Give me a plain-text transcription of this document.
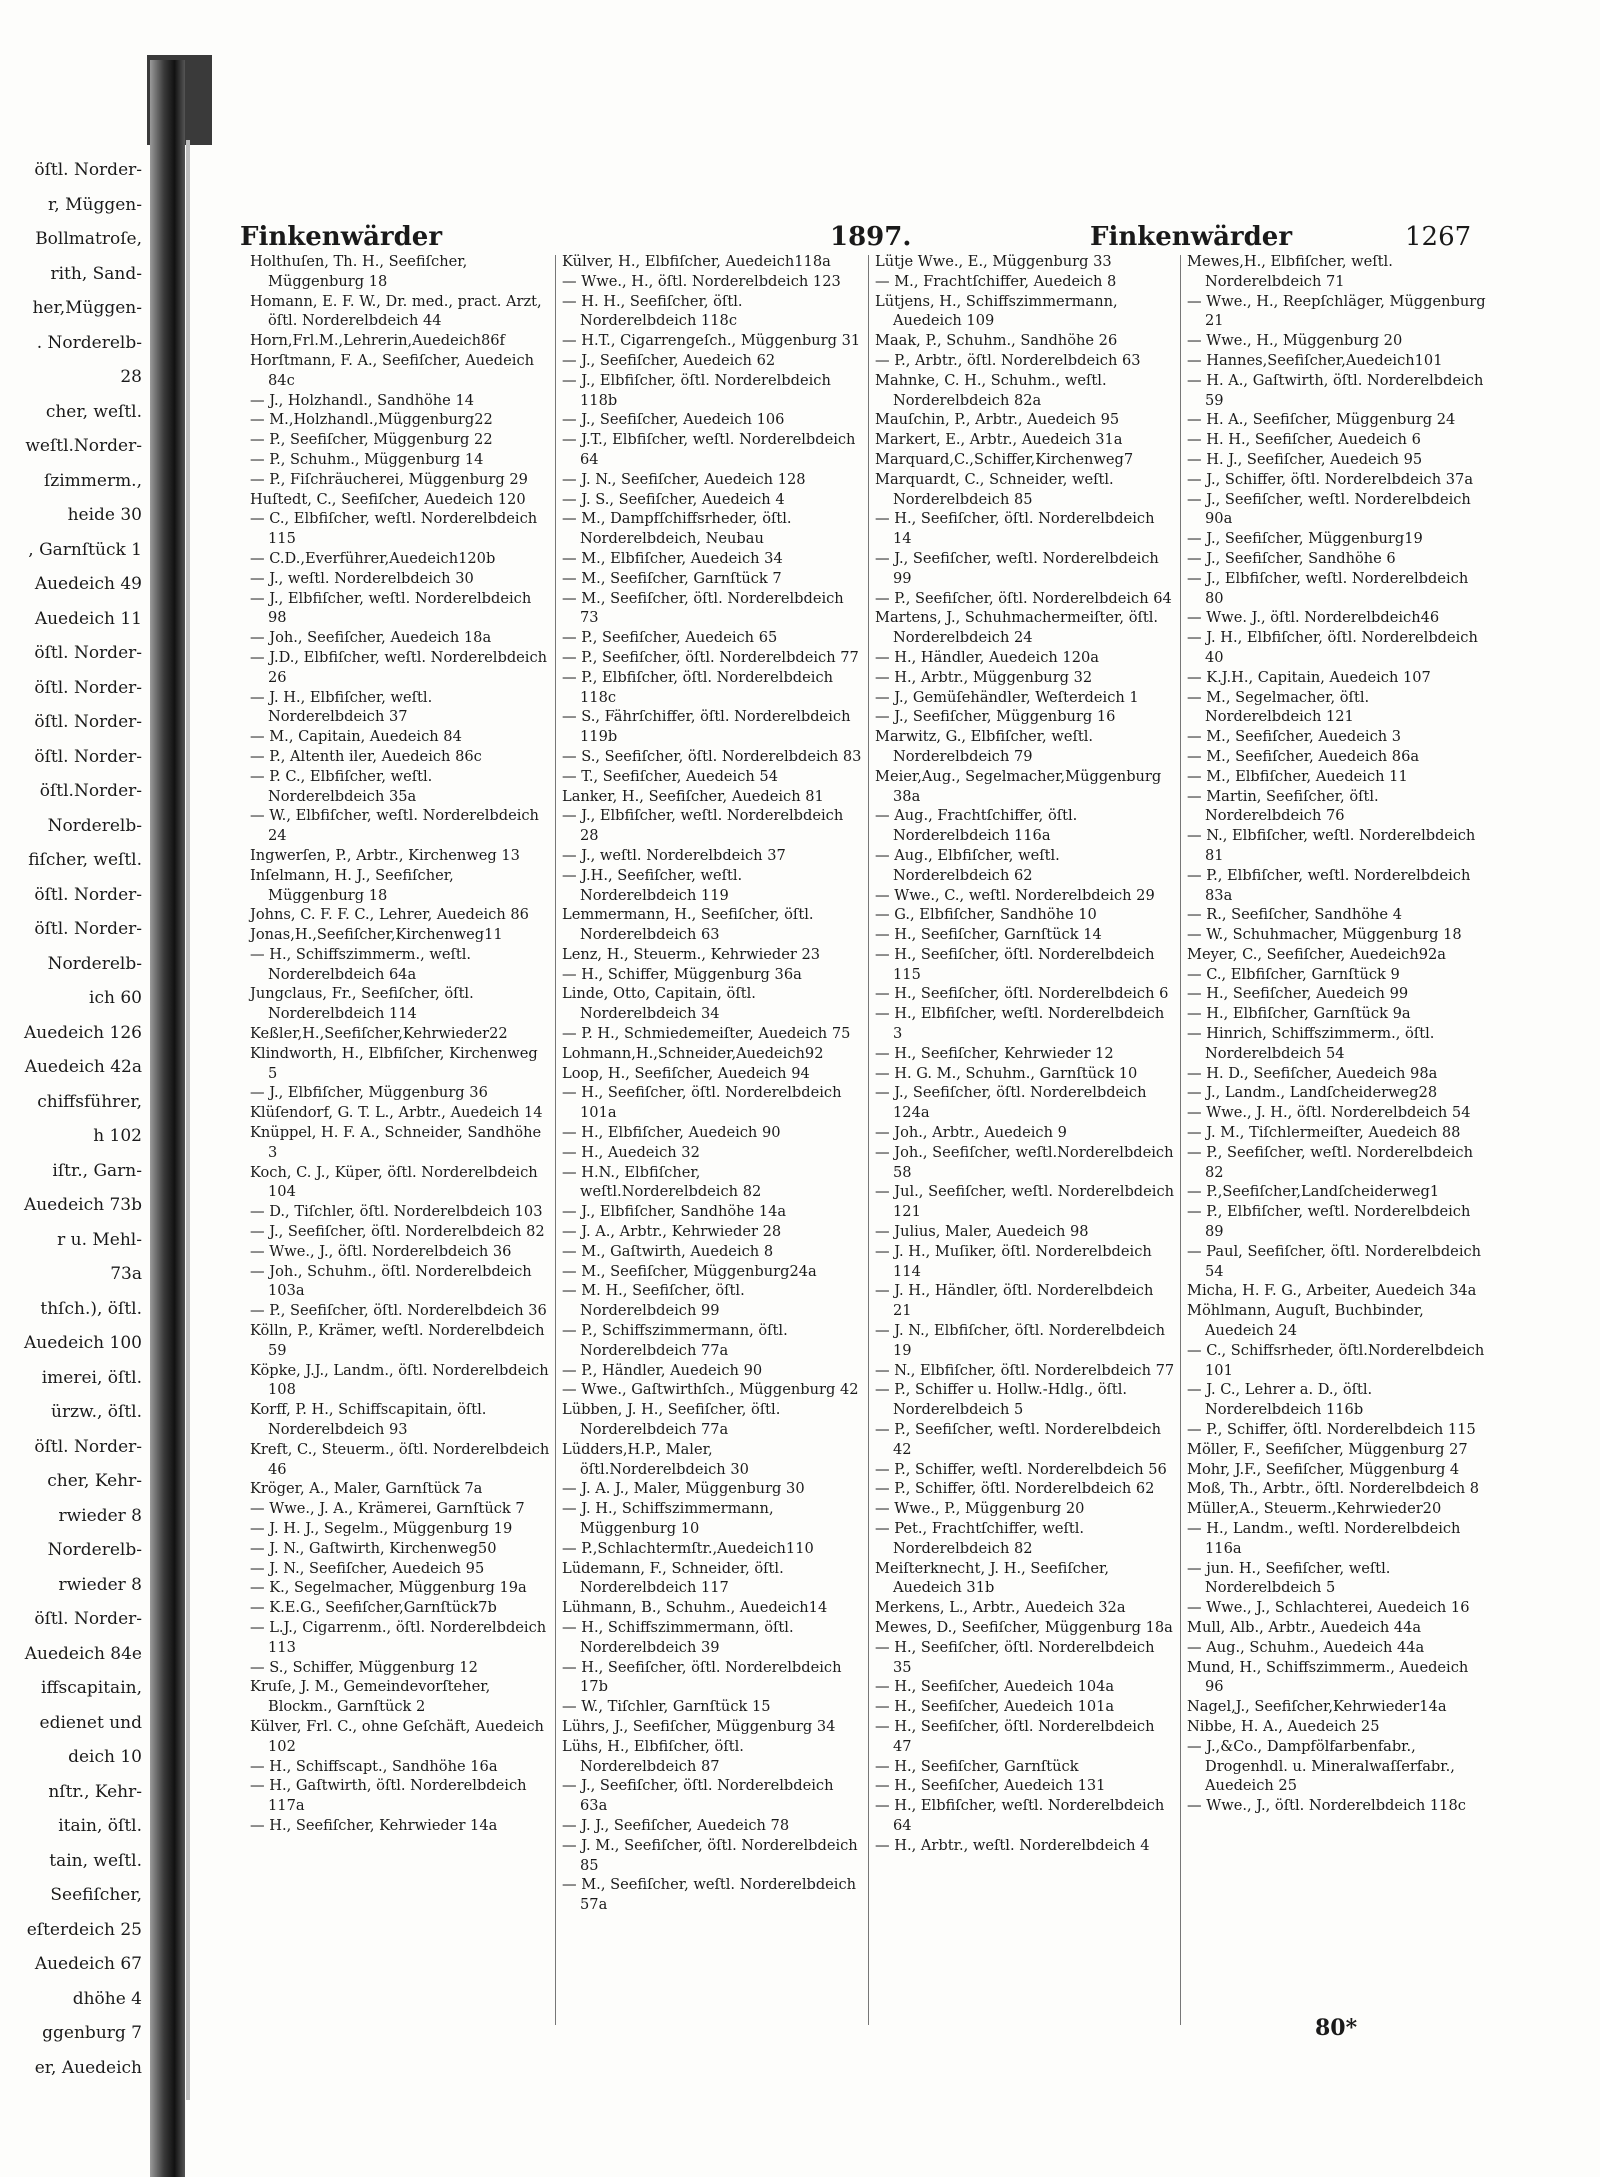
öſtl. Norder-
r, Müggen-
Bollmatroſe,
rith, Sand-
her,Müggen-
. Norderelb-
28
cher, weſtl.
weſtl.Norder-
ſzimmerm.,
heide 30
, Garnſtück 1
Auedeich 49
Auedeich 11
öſtl. Norder-
öſtl. Norder-
öſtl. Norder-
öſtl. Norder-
öſtl.Norder-
Norderelb-
fiſcher, weſtl.
öſtl. Norder-
öſtl. Norder-
Norderelb-
ich 60
Auedeich 126
Auedeich 42a
chiffsführer,
h 102
iſtr., Garn-
Auedeich 73b
r u. Mehl-
73a
thſch.), öſtl.
Auedeich 100
imerei, öſtl.
ürzw., öſtl.
öſtl. Norder-
cher, Kehr-
rwieder 8
Norderelb-
rwieder 8
öſtl. Norder-
Auedeich 84e
iffscapitain,
edienet und
deich 10
nſtr., Kehr-
itain, öſtl.
tain, weſtl.
Seefiſcher,
eſterdeich 25
Auedeich 67
dhöhe 4
ggenburg 7
er, Auedeich
Finkenwärder	1897.	Finkenwärder	1267
Holthuſen, Th. H., Seefiſcher, Müggenburg 18
Homann, E. F. W., Dr. med., pract. Arzt, öſtl. Norderelbdeich 44
Horn,Frl.M.,Lehrerin,Auedeich86f
Horſtmann, F. A., Seefiſcher, Auedeich 84c
— J., Holzhandl., Sandhöhe 14
— M.,Holzhandl.,Müggenburg22
— P., Seefiſcher, Müggenburg 22
— P., Schuhm., Müggenburg 14
— P., Fiſchräucherei, Müggenburg 29
Huſtedt, C., Seefiſcher, Auedeich 120
— C., Elbfiſcher, weſtl. Norderelbdeich 115
— C.D.,Everführer,Auedeich120b
— J., weſtl. Norderelbdeich 30
— J., Elbfiſcher, weſtl. Norderelbdeich 98
— Joh., Seefiſcher, Auedeich 18a
— J.D., Elbfiſcher, weſtl. Norderelbdeich 26
— J. H., Elbfiſcher, weſtl. Norderelbdeich 37
— M., Capitain, Auedeich 84
— P., Altenth iler, Auedeich 86c
— P. C., Elbfiſcher, weſtl. Norderelbdeich 35a
— W., Elbfiſcher, weſtl. Norderelbdeich 24
Ingwerſen, P., Arbtr., Kirchenweg 13
Inſelmann, H. J., Seefiſcher, Müggenburg 18
Johns, C. F. F. C., Lehrer, Auedeich 86
Jonas,H.,Seefiſcher,Kirchenweg11
— H., Schiffszimmerm., weſtl. Norderelbdeich 64a
Jungclaus, Fr., Seefiſcher, öſtl. Norderelbdeich 114
Keßler,H.,Seefiſcher,Kehrwieder22
Klindworth, H., Elbfiſcher, Kirchenweg 5
— J., Elbfiſcher, Müggenburg 36
Klüſendorf, G. T. L., Arbtr., Auedeich 14
Knüppel, H. F. A., Schneider, Sandhöhe 3
Koch, C. J., Küper, öſtl. Norderelbdeich 104
— D., Tiſchler, öſtl. Norderelbdeich 103
— J., Seefiſcher, öſtl. Norderelbdeich 82
— Wwe., J., öſtl. Norderelbdeich 36
— Joh., Schuhm., öſtl. Norderelbdeich 103a
— P., Seefiſcher, öſtl. Norderelbdeich 36
Kölln, P., Krämer, weſtl. Norderelbdeich 59
Köpke, J.J., Landm., öſtl. Norderelbdeich 108
Korff, P. H., Schiffscapitain, öſtl. Norderelbdeich 93
Kreft, C., Steuerm., öſtl. Norderelbdeich 46
Kröger, A., Maler, Garnſtück 7a
— Wwe., J. A., Krämerei, Garnſtück 7
— J. H. J., Segelm., Müggenburg 19
— J. N., Gaſtwirth, Kirchenweg50
— J. N., Seefiſcher, Auedeich 95
— K., Segelmacher, Müggenburg 19a
— K.E.G., Seefiſcher,Garnſtück7b
— L.J., Cigarrenm., öſtl. Norderelbdeich 113
— S., Schiffer, Müggenburg 12
Kruſe, J. M., Gemeindevorſteher, Blockm., Garnſtück 2
Külver, Frl. C., ohne Geſchäft, Auedeich 102
— H., Schiffscapt., Sandhöhe 16a
— H., Gaſtwirth, öſtl. Norderelbdeich 117a
— H., Seefiſcher, Kehrwieder 14a
Külver, H., Elbfiſcher, Auedeich118a
— Wwe., H., öſtl. Norderelbdeich 123
— H. H., Seefiſcher, öſtl. Norderelbdeich 118c
— H.T., Cigarrengeſch., Müggenburg 31
— J., Seefiſcher, Auedeich 62
— J., Elbfiſcher, öſtl. Norderelbdeich 118b
— J., Seefiſcher, Auedeich 106
— J.T., Elbfiſcher, weſtl. Norderelbdeich 64
— J. N., Seefiſcher, Auedeich 128
— J. S., Seefiſcher, Auedeich 4
— M., Dampfſchiffsrheder, öſtl. Norderelbdeich, Neubau
— M., Elbfiſcher, Auedeich 34
— M., Seefiſcher, Garnſtück 7
— M., Seefiſcher, öſtl. Norderelbdeich 73
— P., Seefiſcher, Auedeich 65
— P., Seefiſcher, öſtl. Norderelbdeich 77
— P., Elbfiſcher, öſtl. Norderelbdeich 118c
— S., Fährſchiffer, öſtl. Norderelbdeich 119b
— S., Seefiſcher, öſtl. Norderelbdeich 83
— T., Seefiſcher, Auedeich 54
Lanker, H., Seefiſcher, Auedeich 81
— J., Elbfiſcher, weſtl. Norderelbdeich 28
— J., weſtl. Norderelbdeich 37
— J.H., Seefiſcher, weſtl. Norderelbdeich 119
Lemmermann, H., Seefiſcher, öſtl. Norderelbdeich 63
Lenz, H., Steuerm., Kehrwieder 23
— H., Schiffer, Müggenburg 36a
Linde, Otto, Capitain, öſtl. Norderelbdeich 34
— P. H., Schmiedemeiſter, Auedeich 75
Lohmann,H.,Schneider,Auedeich92
Loop, H., Seefiſcher, Auedeich 94
— H., Seefiſcher, öſtl. Norderelbdeich 101a
— H., Elbfiſcher, Auedeich 90
— H., Auedeich 32
— H.N., Elbfiſcher, weſtl.Norderelbdeich 82
— J., Elbfiſcher, Sandhöhe 14a
— J. A., Arbtr., Kehrwieder 28
— M., Gaſtwirth, Auedeich 8
— M., Seefiſcher, Müggenburg24a
— M. H., Seefiſcher, öſtl. Norderelbdeich 99
— P., Schiffszimmermann, öſtl. Norderelbdeich 77a
— P., Händler, Auedeich 90
— Wwe., Gaſtwirthſch., Müggenburg 42
Lübben, J. H., Seefiſcher, öſtl. Norderelbdeich 77a
Lüdders,H.P., Maler, öſtl.Norderelbdeich 30
— J. A. J., Maler, Müggenburg 30
— J. H., Schiffszimmermann, Müggenburg 10
— P.,Schlachtermſtr.,Auedeich110
Lüdemann, F., Schneider, öſtl. Norderelbdeich 117
Lühmann, B., Schuhm., Auedeich14
— H., Schiffszimmermann, öſtl. Norderelbdeich 39
— H., Seefiſcher, öſtl. Norderelbdeich 17b
— W., Tiſchler, Garnſtück 15
Lührs, J., Seefiſcher, Müggenburg 34
Lühs, H., Elbfiſcher, öſtl. Norderelbdeich 87
— J., Seefiſcher, öſtl. Norderelbdeich 63a
— J. J., Seefiſcher, Auedeich 78
— J. M., Seefiſcher, öſtl. Norderelbdeich 85
— M., Seefiſcher, weſtl. Norderelbdeich 57a
Lütje Wwe., E., Müggenburg 33
— M., Frachtſchiffer, Auedeich 8
Lütjens, H., Schiffszimmermann, Auedeich 109
Maak, P., Schuhm., Sandhöhe 26
— P., Arbtr., öſtl. Norderelbdeich 63
Mahnke, C. H., Schuhm., weſtl. Norderelbdeich 82a
Mauſchin, P., Arbtr., Auedeich 95
Markert, E., Arbtr., Auedeich 31a
Marquard,C.,Schiffer,Kirchenweg7
Marquardt, C., Schneider, weſtl. Norderelbdeich 85
— H., Seefiſcher, öſtl. Norderelbdeich 14
— J., Seefiſcher, weſtl. Norderelbdeich 99
— P., Seefiſcher, öſtl. Norderelbdeich 64
Martens, J., Schuhmachermeiſter, öſtl. Norderelbdeich 24
— H., Händler, Auedeich 120a
— H., Arbtr., Müggenburg 32
— J., Gemüſehändler, Weſterdeich 1
— J., Seefiſcher, Müggenburg 16
Marwitz, G., Elbfiſcher, weſtl. Norderelbdeich 79
Meier,Aug., Segelmacher,Müggenburg 38a
— Aug., Frachtſchiffer, öſtl. Norderelbdeich 116a
— Aug., Elbfiſcher, weſtl. Norderelbdeich 62
— Wwe., C., weſtl. Norderelbdeich 29
— G., Elbfiſcher, Sandhöhe 10
— H., Seefiſcher, Garnſtück 14
— H., Seefiſcher, öſtl. Norderelbdeich 115
— H., Seefiſcher, öſtl. Norderelbdeich 6
— H., Elbfiſcher, weſtl. Norderelbdeich 3
— H., Seefiſcher, Kehrwieder 12
— H. G. M., Schuhm., Garnſtück 10
— J., Seefiſcher, öſtl. Norderelbdeich 124a
— Joh., Arbtr., Auedeich 9
— Joh., Seefiſcher, weſtl.Norderelbdeich 58
— Jul., Seefiſcher, weſtl. Norderelbdeich 121
— Julius, Maler, Auedeich 98
— J. H., Muſiker, öſtl. Norderelbdeich 114
— J. H., Händler, öſtl. Norderelbdeich 21
— J. N., Elbfiſcher, öſtl. Norderelbdeich 19
— N., Elbfiſcher, öſtl. Norderelbdeich 77
— P., Schiffer u. Hollw.-Hdlg., öſtl. Norderelbdeich 5
— P., Seefiſcher, weſtl. Norderelbdeich 42
— P., Schiffer, weſtl. Norderelbdeich 56
— P., Schiffer, öſtl. Norderelbdeich 62
— Wwe., P., Müggenburg 20
— Pet., Frachtſchiffer, weſtl. Norderelbdeich 82
Meiſterknecht, J. H., Seefiſcher, Auedeich 31b
Merkens, L., Arbtr., Auedeich 32a
Mewes, D., Seefiſcher, Müggenburg 18a
— H., Seefiſcher, öſtl. Norderelbdeich 35
— H., Seefiſcher, Auedeich 104a
— H., Seefiſcher, Auedeich 101a
— H., Seefiſcher, öſtl. Norderelbdeich 47
— H., Seefiſcher, Garnſtück
— H., Seefiſcher, Auedeich 131
— H., Elbfiſcher, weſtl. Norderelbdeich 64
— H., Arbtr., weſtl. Norderelbdeich 4
Mewes,H., Elbfiſcher, weſtl. Norderelbdeich 71
— Wwe., H., Reepſchläger, Müggenburg 21
— Wwe., H., Müggenburg 20
— Hannes,Seefiſcher,Auedeich101
— H. A., Gaſtwirth, öſtl. Norderelbdeich 59
— H. A., Seefiſcher, Müggenburg 24
— H. H., Seefiſcher, Auedeich 6
— H. J., Seefiſcher, Auedeich 95
— J., Schiffer, öſtl. Norderelbdeich 37a
— J., Seefiſcher, weſtl. Norderelbdeich 90a
— J., Seefiſcher, Müggenburg19
— J., Seefiſcher, Sandhöhe 6
— J., Elbfiſcher, weſtl. Norderelbdeich 80
— Wwe. J., öſtl. Norderelbdeich46
— J. H., Elbfiſcher, öſtl. Norderelbdeich 40
— K.J.H., Capitain, Auedeich 107
— M., Segelmacher, öſtl. Norderelbdeich 121
— M., Seefiſcher, Auedeich 3
— M., Seefiſcher, Auedeich 86a
— M., Elbfiſcher, Auedeich 11
— Martin, Seefiſcher, öſtl. Norderelbdeich 76
— N., Elbfiſcher, weſtl. Norderelbdeich 81
— P., Elbfiſcher, weſtl. Norderelbdeich 83a
— R., Seefiſcher, Sandhöhe 4
— W., Schuhmacher, Müggenburg 18
Meyer, C., Seefiſcher, Auedeich92a
— C., Elbfiſcher, Garnſtück 9
— H., Seefiſcher, Auedeich 99
— H., Elbfiſcher, Garnſtück 9a
— Hinrich, Schiffszimmerm., öſtl. Norderelbdeich 54
— H. D., Seefiſcher, Auedeich 98a
— J., Landm., Landſcheiderweg28
— Wwe., J. H., öſtl. Norderelbdeich 54
— J. M., Tiſchlermeiſter, Auedeich 88
— P., Seefiſcher, weſtl. Norderelbdeich 82
— P.,Seefiſcher,Landſcheiderweg1
— P., Elbfiſcher, weſtl. Norderelbdeich 89
— Paul, Seefiſcher, öſtl. Norderelbdeich 54
Micha, H. F. G., Arbeiter, Auedeich 34a
Möhlmann, Auguſt, Buchbinder, Auedeich 24
— C., Schiffsrheder, öſtl.Norderelbdeich 101
— J. C., Lehrer a. D., öſtl. Norderelbdeich 116b
— P., Schiffer, öſtl. Norderelbdeich 115
Möller, F., Seefiſcher, Müggenburg 27
Mohr, J.F., Seefiſcher, Müggenburg 4
Moß, Th., Arbtr., öſtl. Norderelbdeich 8
Müller,A., Steuerm.,Kehrwieder20
— H., Landm., weſtl. Norderelbdeich 116a
— jun. H., Seefiſcher, weſtl. Norderelbdeich 5
— Wwe., J., Schlachterei, Auedeich 16
Mull, Alb., Arbtr., Auedeich 44a
— Aug., Schuhm., Auedeich 44a
Mund, H., Schiffszimmerm., Auedeich 96
Nagel,J., Seefiſcher,Kehrwieder14a
Nibbe, H. A., Auedeich 25
— J.,&Co., Dampfölfarbenfabr., Drogenhdl. u. Mineralwaſſerfabr., Auedeich 25
— Wwe., J., öſtl. Norderelbdeich 118c
80*
